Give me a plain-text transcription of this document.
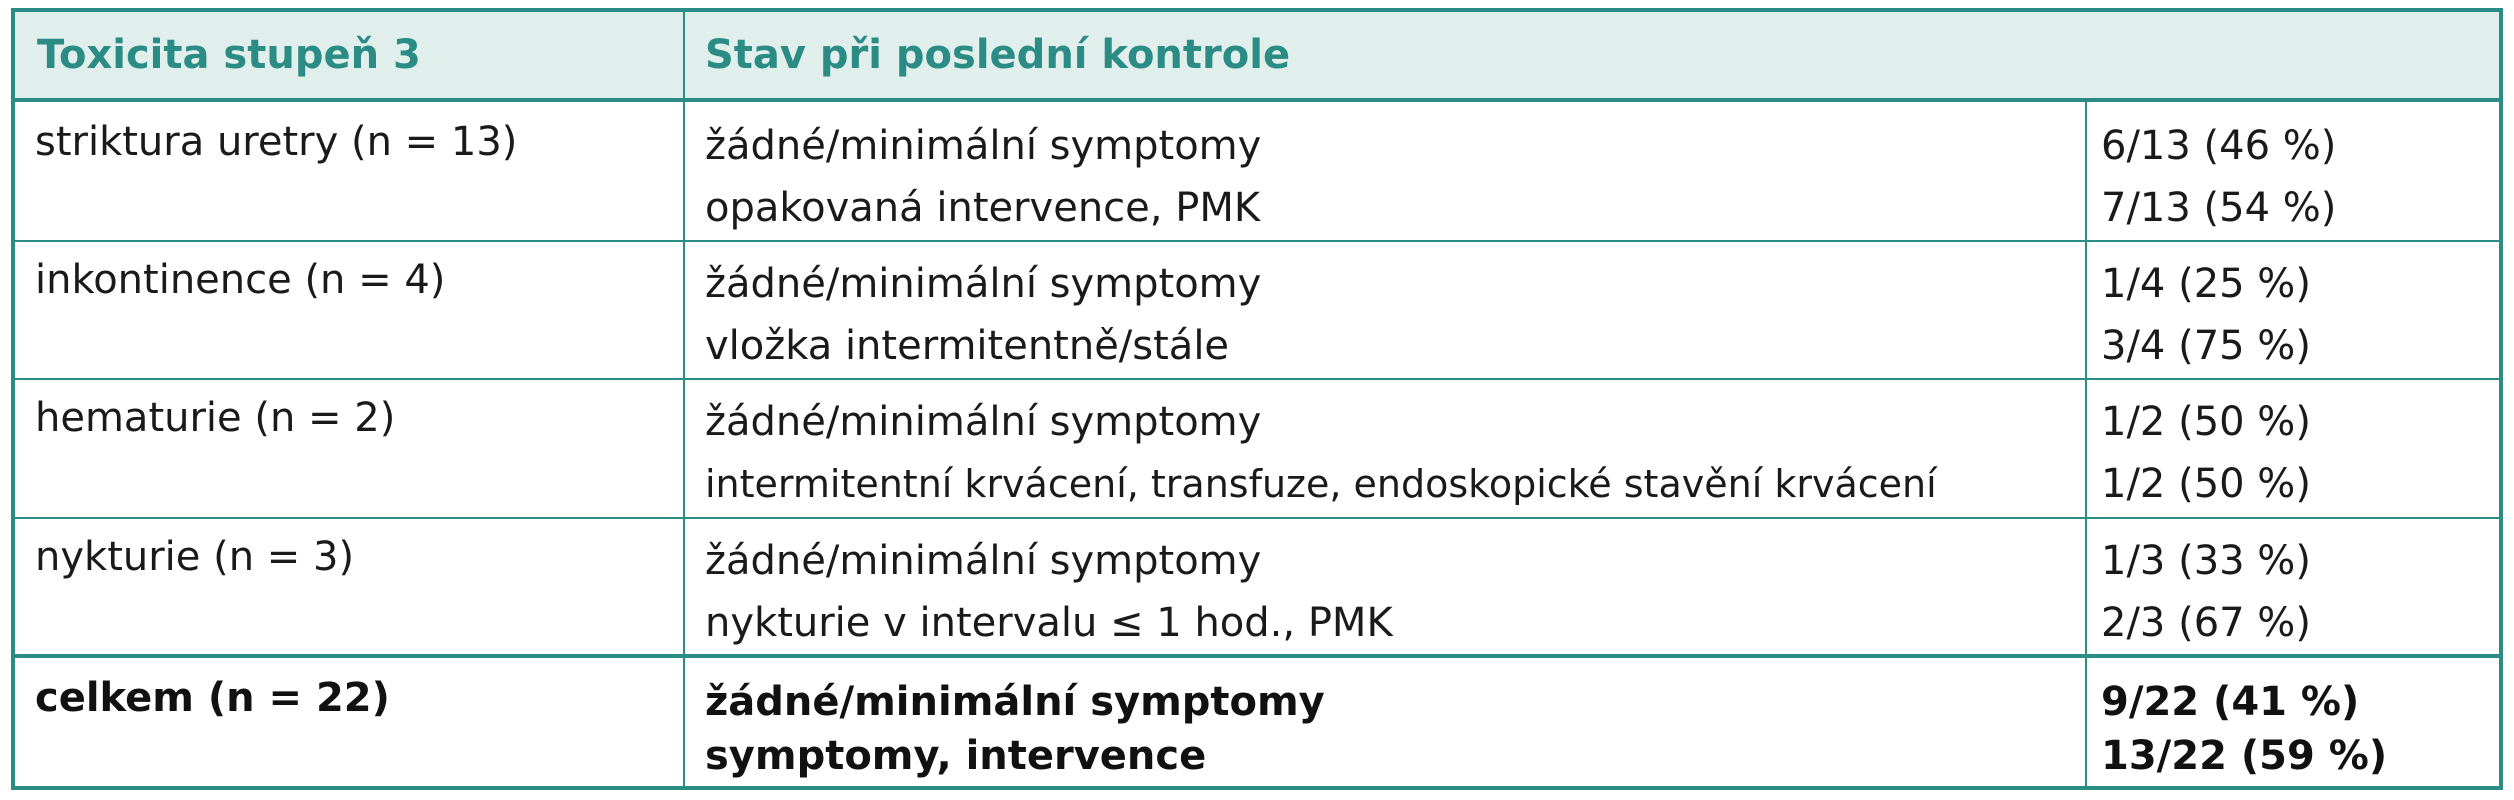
Toxicita stupeň 3	Stav při poslední kontrole
striktura uretry (n = 13)	žádné/minimální symptomy	6/13 (46 %)
opakovaná intervence, PMK	7/13 (54 %)
inkontinence (n = 4)	žádné/minimální symptomy	1/4 (25 %)
vložka intermitentně/stále	3/4 (75 %)
hematurie (n = 2)	žádné/minimální symptomy	1/2 (50 %)
intermitentní krvácení, transfuze, endoskopické stavění krvácení	1/2 (50 %)
nykturie (n = 3)	žádné/minimální symptomy	1/3 (33 %)
nykturie v intervalu ≤ 1 hod., PMK	2/3 (67 %)
celkem (n = 22)	žádné/minimální symptomy	9/22 (41 %)
symptomy, intervence	13/22 (59 %)
